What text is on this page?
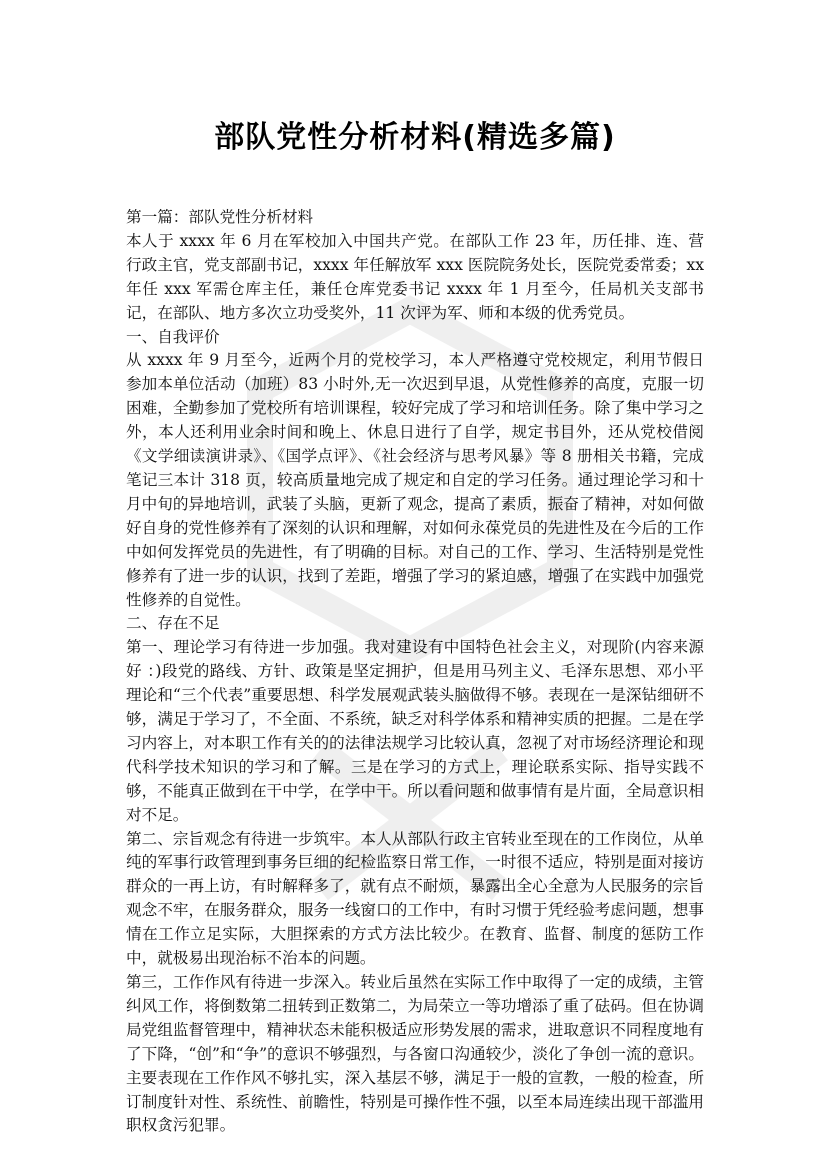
部队党性分析材料(精选多篇)

第一篇：部队党性分析材料

本人于 xxxx 年 6 月在军校加入中国共产党。在部队工作 23 年，历任排、连、营行政主官，党支部副书记，xxxx 年任解放军 xxx 医院院务处长，医院党委常委；xx 年任 xxx 军需仓库主任，兼任仓库党委书记 xxxx 年 1 月至今，任局机关支部书记，在部队、地方多次立功受奖外，11 次评为军、师和本级的优秀党员。

一、自我评价

从 xxxx 年 9 月至今，近两个月的党校学习，本人严格遵守党校规定，利用节假日参加本单位活动（加班）83 小时外,无一次迟到早退，从党性修养的高度，克服一切困难，全勤参加了党校所有培训课程，较好完成了学习和培训任务。除了集中学习之外，本人还利用业余时间和晚上、休息日进行了自学，规定书目外，还从党校借阅《文学细读演讲录》、《国学点评》、《社会经济与思考风暴》等 8 册相关书籍，完成笔记三本计 318 页，较高质量地完成了规定和自定的学习任务。通过理论学习和十月中旬的异地培训，武装了头脑，更新了观念，提高了素质，振奋了精神，对如何做好自身的党性修养有了深刻的认识和理解，对如何永葆党员的先进性及在今后的工作中如何发挥党员的先进性，有了明确的目标。对自己的工作、学习、生活特别是党性修养有了进一步的认识，找到了差距，增强了学习的紧迫感，增强了在实践中加强党性修养的自觉性。

二、存在不足

第一、理论学习有待进一步加强。我对建设有中国特色社会主义，对现阶(内容来源好 ：)段党的路线、方针、政策是坚定拥护，但是用马列主义、毛泽东思想、邓小平理论和“三个代表”重要思想、科学发展观武装头脑做得不够。表现在一是深钻细研不够，满足于学习了，不全面、不系统，缺乏对科学体系和精神实质的把握。二是在学习内容上，对本职工作有关的的法律法规学习比较认真，忽视了对市场经济理论和现代科学技术知识的学习和了解。三是在学习的方式上，理论联系实际、指导实践不够，不能真正做到在干中学，在学中干。所以看问题和做事情有是片面，全局意识相对不足。

第二、宗旨观念有待进一步筑牢。本人从部队行政主官转业至现在的工作岗位，从单纯的军事行政管理到事务巨细的纪检监察日常工作，一时很不适应，特别是面对接访群众的一再上访，有时解释多了，就有点不耐烦，暴露出全心全意为人民服务的宗旨观念不牢，在服务群众，服务一线窗口的工作中，有时习惯于凭经验考虑问题，想事情在工作立足实际，大胆探索的方式方法比较少。在教育、监督、制度的惩防工作中，就极易出现治标不治本的问题。

第三，工作作风有待进一步深入。转业后虽然在实际工作中取得了一定的成绩，主管纠风工作，将倒数第二扭转到正数第二，为局荣立一等功增添了重了砝码。但在协调局党组监督管理中，精神状态未能积极适应形势发展的需求，进取意识不同程度地有了下降，“创”和“争”的意识不够强烈，与各窗口沟通较少，淡化了争创一流的意识。主要表现在工作作风不够扎实，深入基层不够，满足于一般的宣教，一般的检查，所订制度针对性、系统性、前瞻性，特别是可操作性不强，以至本局连续出现干部滥用职权贪污犯罪。
